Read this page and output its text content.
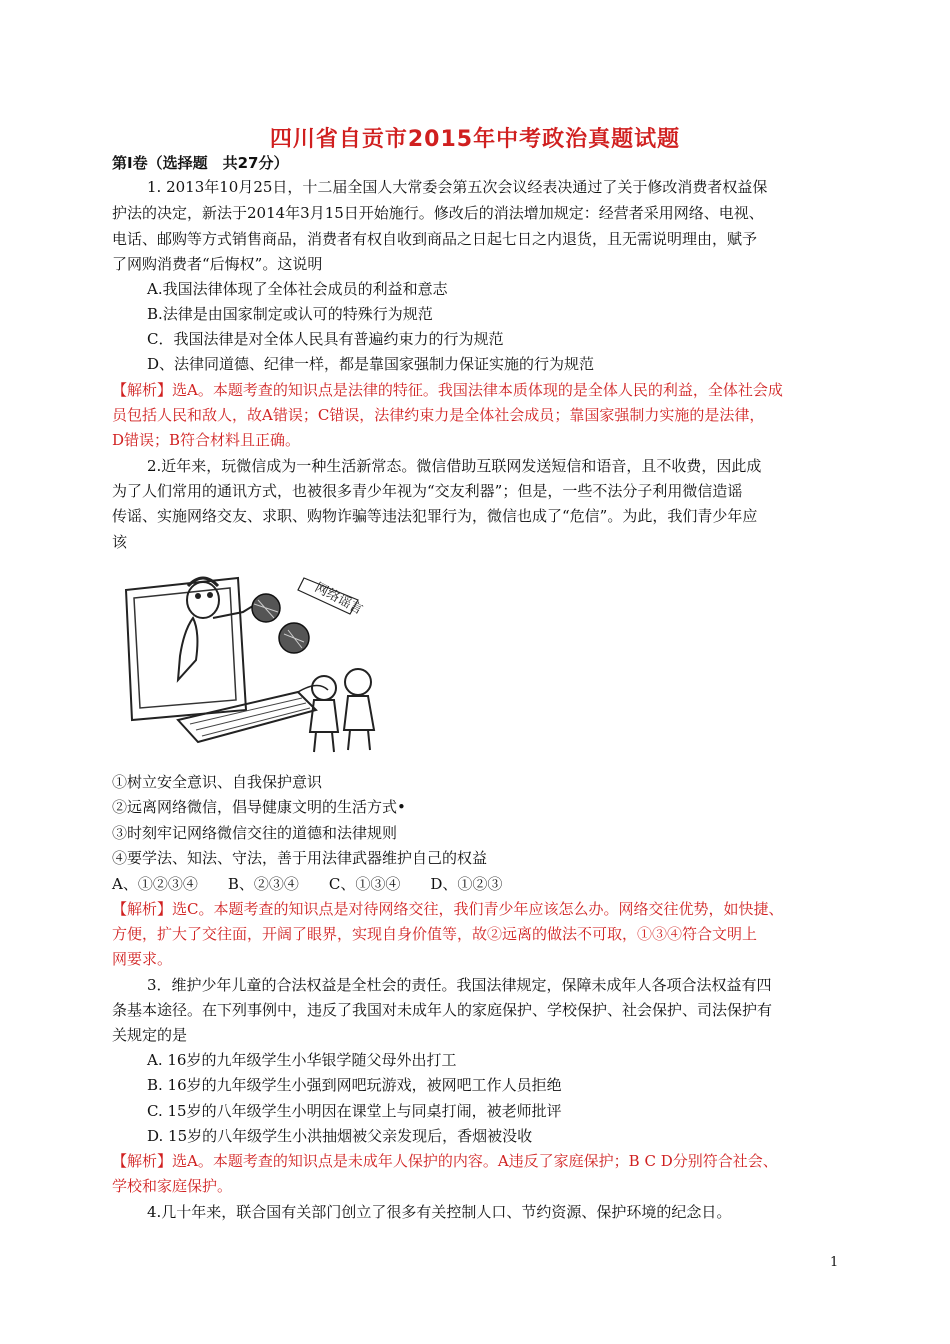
四川省自贡市2015年中考政治真题试题
第Ⅰ卷（选择题　共27分）
1. 2013年10月25日，十二届全国人大常委会第五次会议经表决通过了关于修改消费者权益保
护法的决定，新法于2014年3月15日开始施行。修改后的消法增加规定：经营者采用网络、电视、
电话、邮购等方式销售商品，消费者有权自收到商品之日起七日之内退货，且无需说明理由，赋予
了网购消费者“后悔权”。这说明
A.我国法律体现了全体社会成员的利益和意志
B.法律是由国家制定或认可的特殊行为规范
C．我国法律是对全体人民具有普遍约束力的行为规范
D、法律同道德、纪律一样，都是靠国家强制力保证实施的行为规范
【解析】选A。本题考查的知识点是法律的特征。我国法律本质体现的是全体人民的利益，全体社会成
员包括人民和敌人，故A错误；C错误，法律约束力是全体社会成员；靠国家强制力实施的是法律，
D错误；B符合材料且正确。
2.近年来，玩微信成为一种生活新常态。微信借助互联网发送短信和语音，且不收费，因此成
为了人们常用的通讯方式，也被很多青少年视为“交友利器”；但是，一些不法分子利用微信造谣
传谣、实施网络交友、求职、购物诈骗等违法犯罪行为，微信也成了“危信”。为此，我们青少年应
该
网络谣言
①树立安全意识、自我保护意识
②远离网络微信，倡导健康文明的生活方式•
③时刻牢记网络微信交往的道德和法律规则
④要学法、知法、守法，善于用法律武器维护自己的权益
A、①②③④　　B、②③④　　C、①③④　　D、①②③
【解析】选C。本题考查的知识点是对待网络交往，我们青少年应该怎么办。网络交往优势，如快捷、
方便，扩大了交往面，开阔了眼界，实现自身价值等，故②远离的做法不可取，①③④符合文明上
网要求。
3．维护少年儿童的合法权益是全杜会的责任。我国法律规定，保障未成年人各项合法权益有四
条基本途径。在下列事例中，违反了我国对未成年人的家庭保护、学校保护、社会保护、司法保护有
关规定的是
A. 16岁的九年级学生小华银学随父母外出打工
B. 16岁的九年级学生小强到网吧玩游戏，被网吧工作人员拒绝
C. 15岁的八年级学生小明因在课堂上与同桌打闹，被老师批评
D. 15岁的八年级学生小洪抽烟被父亲发现后，香烟被没收
【解析】选A。本题考查的知识点是未成年人保护的内容。A违反了家庭保护；B C D分别符合社会、
学校和家庭保护。
4.几十年来，联合国有关部门创立了很多有关控制人口、节约资源、保护环境的纪念日。
1
